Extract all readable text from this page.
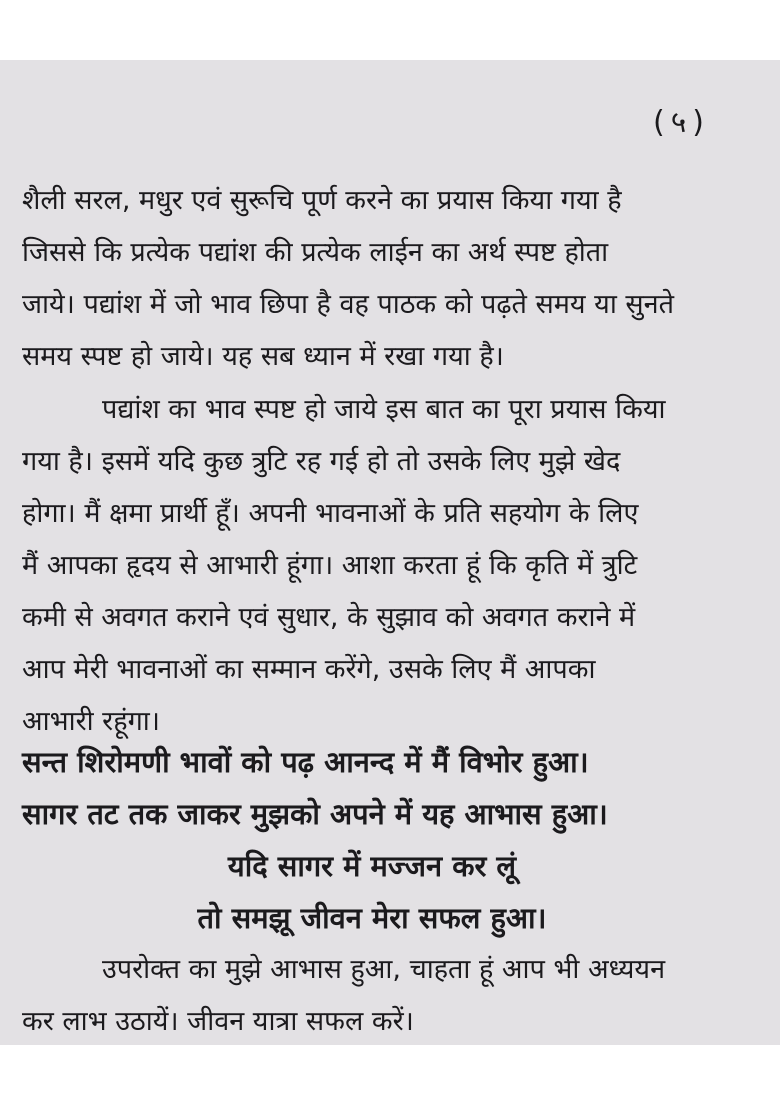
(५)
शैली सरल, मधुर एवं सुरूचि पूर्ण करने का प्रयास किया गया है
जिससे कि प्रत्येक पद्यांश की प्रत्येक लाईन का अर्थ स्पष्ट होता
जाये। पद्यांश में जो भाव छिपा है वह पाठक को पढ़ते समय या सुनते
समय स्पष्ट हो जाये। यह सब ध्यान में रखा गया है।
पद्यांश का भाव स्पष्ट हो जाये इस बात का पूरा प्रयास किया
गया है। इसमें यदि कुछ त्रुटि रह गई हो तो उसके लिए मुझे खेद
होगा। मैं क्षमा प्रार्थी हूँ। अपनी भावनाओं के प्रति सहयोग के लिए
मैं आपका हृदय से आभारी हूंगा। आशा करता हूं कि कृति में त्रुटि
कमी से अवगत कराने एवं सुधार, के सुझाव को अवगत कराने में
आप मेरी भावनाओं का सम्मान करेंगे, उसके लिए मैं आपका
आभारी रहूंगा।
सन्त शिरोमणी भावों को पढ़ आनन्द में मैं विभोर हुआ।
सागर तट तक जाकर मुझको अपने में यह आभास हुआ।
यदि सागर में मज्जन कर लूं
तो समझू जीवन मेरा सफल हुआ।
उपरोक्त का मुझे आभास हुआ, चाहता हूं आप भी अध्ययन
कर लाभ उठायें। जीवन यात्रा सफल करें।
